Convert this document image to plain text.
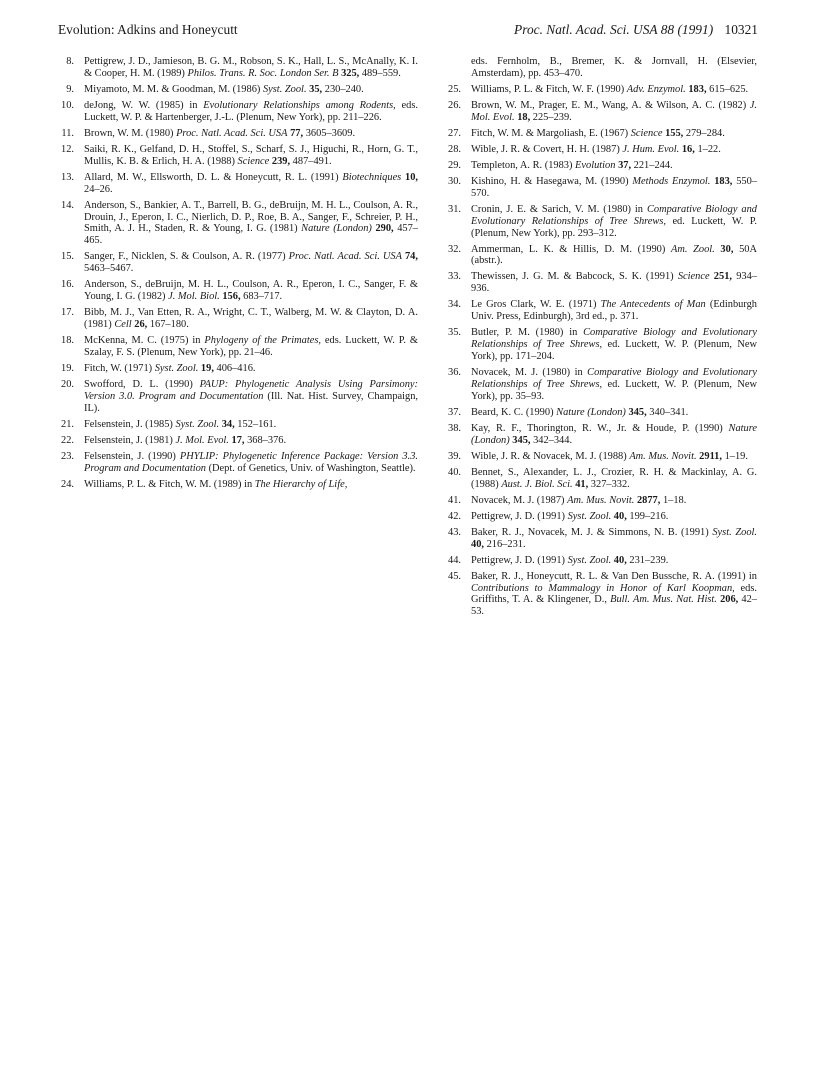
Evolution: Adkins and Honeycutt	Proc. Natl. Acad. Sci. USA 88 (1991) 10321

8. Pettigrew, J. D., Jamieson, B. G. M., Robson, S. K., Hall, L. S., McAnally, K. I. & Cooper, H. M. (1989) Philos. Trans. R. Soc. London Ser. B 325, 489–559.

9. Miyamoto, M. M. & Goodman, M. (1986) Syst. Zool. 35, 230–240.

10. deJong, W. W. (1985) in Evolutionary Relationships among Rodents, eds. Luckett, W. P. & Hartenberger, J.-L. (Plenum, New York), pp. 211–226.

11. Brown, W. M. (1980) Proc. Natl. Acad. Sci. USA 77, 3605–3609.

12. Saiki, R. K., Gelfand, D. H., Stoffel, S., Scharf, S. J., Higuchi, R., Horn, G. T., Mullis, K. B. & Erlich, H. A. (1988) Science 239, 487–491.

13. Allard, M. W., Ellsworth, D. L. & Honeycutt, R. L. (1991) Biotechniques 10, 24–26.

14. Anderson, S., Bankier, A. T., Barrell, B. G., deBruijn, M. H. L., Coulson, A. R., Drouin, J., Eperon, I. C., Nierlich, D. P., Roe, B. A., Sanger, F., Schreier, P. H., Smith, A. J. H., Staden, R. & Young, I. G. (1981) Nature (London) 290, 457–465.

15. Sanger, F., Nicklen, S. & Coulson, A. R. (1977) Proc. Natl. Acad. Sci. USA 74, 5463–5467.

16. Anderson, S., deBruijn, M. H. L., Coulson, A. R., Eperon, I. C., Sanger, F. & Young, I. G. (1982) J. Mol. Biol. 156, 683–717.

17. Bibb, M. J., Van Etten, R. A., Wright, C. T., Walberg, M. W. & Clayton, D. A. (1981) Cell 26, 167–180.

18. McKenna, M. C. (1975) in Phylogeny of the Primates, eds. Luckett, W. P. & Szalay, F. S. (Plenum, New York), pp. 21–46.

19. Fitch, W. (1971) Syst. Zool. 19, 406–416.

20. Swofford, D. L. (1990) PAUP: Phylogenetic Analysis Using Parsimony: Version 3.0. Program and Documentation (Ill. Nat. Hist. Survey, Champaign, IL).

21. Felsenstein, J. (1985) Syst. Zool. 34, 152–161.

22. Felsenstein, J. (1981) J. Mol. Evol. 17, 368–376.

23. Felsenstein, J. (1990) PHYLIP: Phylogenetic Inference Package: Version 3.3. Program and Documentation (Dept. of Genetics, Univ. of Washington, Seattle).

24. Williams, P. L. & Fitch, W. M. (1989) in The Hierarchy of Life,

eds. Fernholm, B., Bremer, K. & Jornvall, H. (Elsevier, Amsterdam), pp. 453–470.

25. Williams, P. L. & Fitch, W. F. (1990) Adv. Enzymol. 183, 615–625.

26. Brown, W. M., Prager, E. M., Wang, A. & Wilson, A. C. (1982) J. Mol. Evol. 18, 225–239.

27. Fitch, W. M. & Margoliash, E. (1967) Science 155, 279–284.

28. Wible, J. R. & Covert, H. H. (1987) J. Hum. Evol. 16, 1–22.

29. Templeton, A. R. (1983) Evolution 37, 221–244.

30. Kishino, H. & Hasegawa, M. (1990) Methods Enzymol. 183, 550–570.

31. Cronin, J. E. & Sarich, V. M. (1980) in Comparative Biology and Evolutionary Relationships of Tree Shrews, ed. Luckett, W. P. (Plenum, New York), pp. 293–312.

32. Ammerman, L. K. & Hillis, D. M. (1990) Am. Zool. 30, 50A (abstr.).

33. Thewissen, J. G. M. & Babcock, S. K. (1991) Science 251, 934–936.

34. Le Gros Clark, W. E. (1971) The Antecedents of Man (Edinburgh Univ. Press, Edinburgh), 3rd ed., p. 371.

35. Butler, P. M. (1980) in Comparative Biology and Evolutionary Relationships of Tree Shrews, ed. Luckett, W. P. (Plenum, New York), pp. 171–204.

36. Novacek, M. J. (1980) in Comparative Biology and Evolutionary Relationships of Tree Shrews, ed. Luckett, W. P. (Plenum, New York), pp. 35–93.

37. Beard, K. C. (1990) Nature (London) 345, 340–341.

38. Kay, R. F., Thorington, R. W., Jr. & Houde, P. (1990) Nature (London) 345, 342–344.

39. Wible, J. R. & Novacek, M. J. (1988) Am. Mus. Novit. 2911, 1–19.

40. Bennet, S., Alexander, L. J., Crozier, R. H. & Mackinlay, A. G. (1988) Aust. J. Biol. Sci. 41, 327–332.

41. Novacek, M. J. (1987) Am. Mus. Novit. 2877, 1–18.

42. Pettigrew, J. D. (1991) Syst. Zool. 40, 199–216.

43. Baker, R. J., Novacek, M. J. & Simmons, N. B. (1991) Syst. Zool. 40, 216–231.

44. Pettigrew, J. D. (1991) Syst. Zool. 40, 231–239.

45. Baker, R. J., Honeycutt, R. L. & Van Den Bussche, R. A. (1991) in Contributions to Mammalogy in Honor of Karl Koopman, eds. Griffiths, T. A. & Klingener, D., Bull. Am. Mus. Nat. Hist. 206, 42–53.
